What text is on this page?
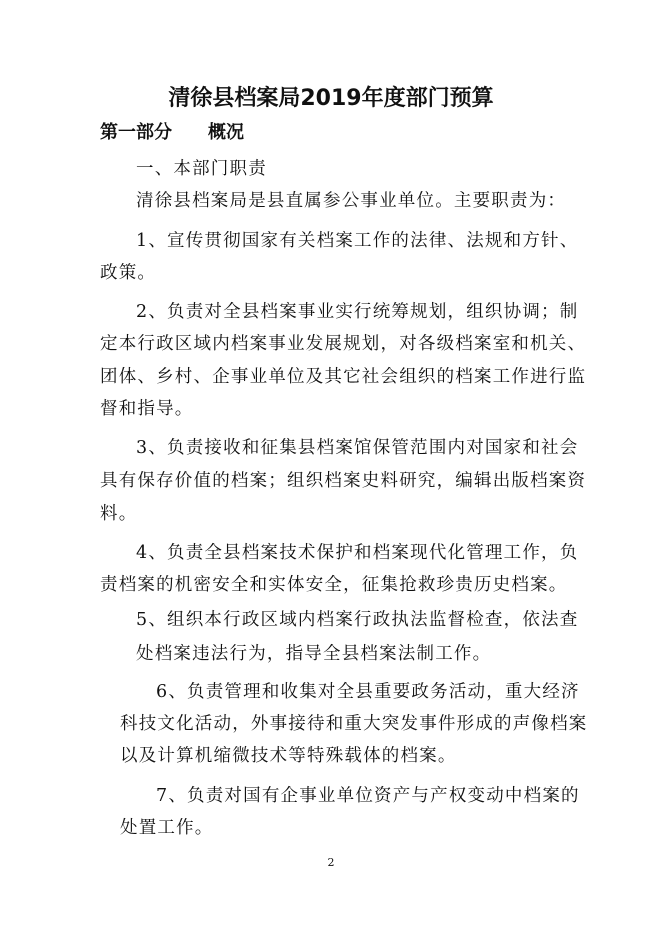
清徐县档案局2019年度部门预算
第一部分 概况
一、本部门职责
清徐县档案局是县直属参公事业单位。主要职责为：
1、宣传贯彻国家有关档案工作的法律、法规和方针、
政策。
2、负责对全县档案事业实行统筹规划，组织协调；制
定本行政区域内档案事业发展规划，对各级档案室和机关、
团体、乡村、企事业单位及其它社会组织的档案工作进行监
督和指导。
3、负责接收和征集县档案馆保管范围内对国家和社会
具有保存价值的档案；组织档案史料研究，编辑出版档案资
料。
4、负责全县档案技术保护和档案现代化管理工作，负
责档案的机密安全和实体安全，征集抢救珍贵历史档案。
5、组织本行政区域内档案行政执法监督检查，依法查
处档案违法行为，指导全县档案法制工作。
6、负责管理和收集对全县重要政务活动，重大经济
科技文化活动，外事接待和重大突发事件形成的声像档案
以及计算机缩微技术等特殊载体的档案。
7、负责对国有企事业单位资产与产权变动中档案的
处置工作。
2
